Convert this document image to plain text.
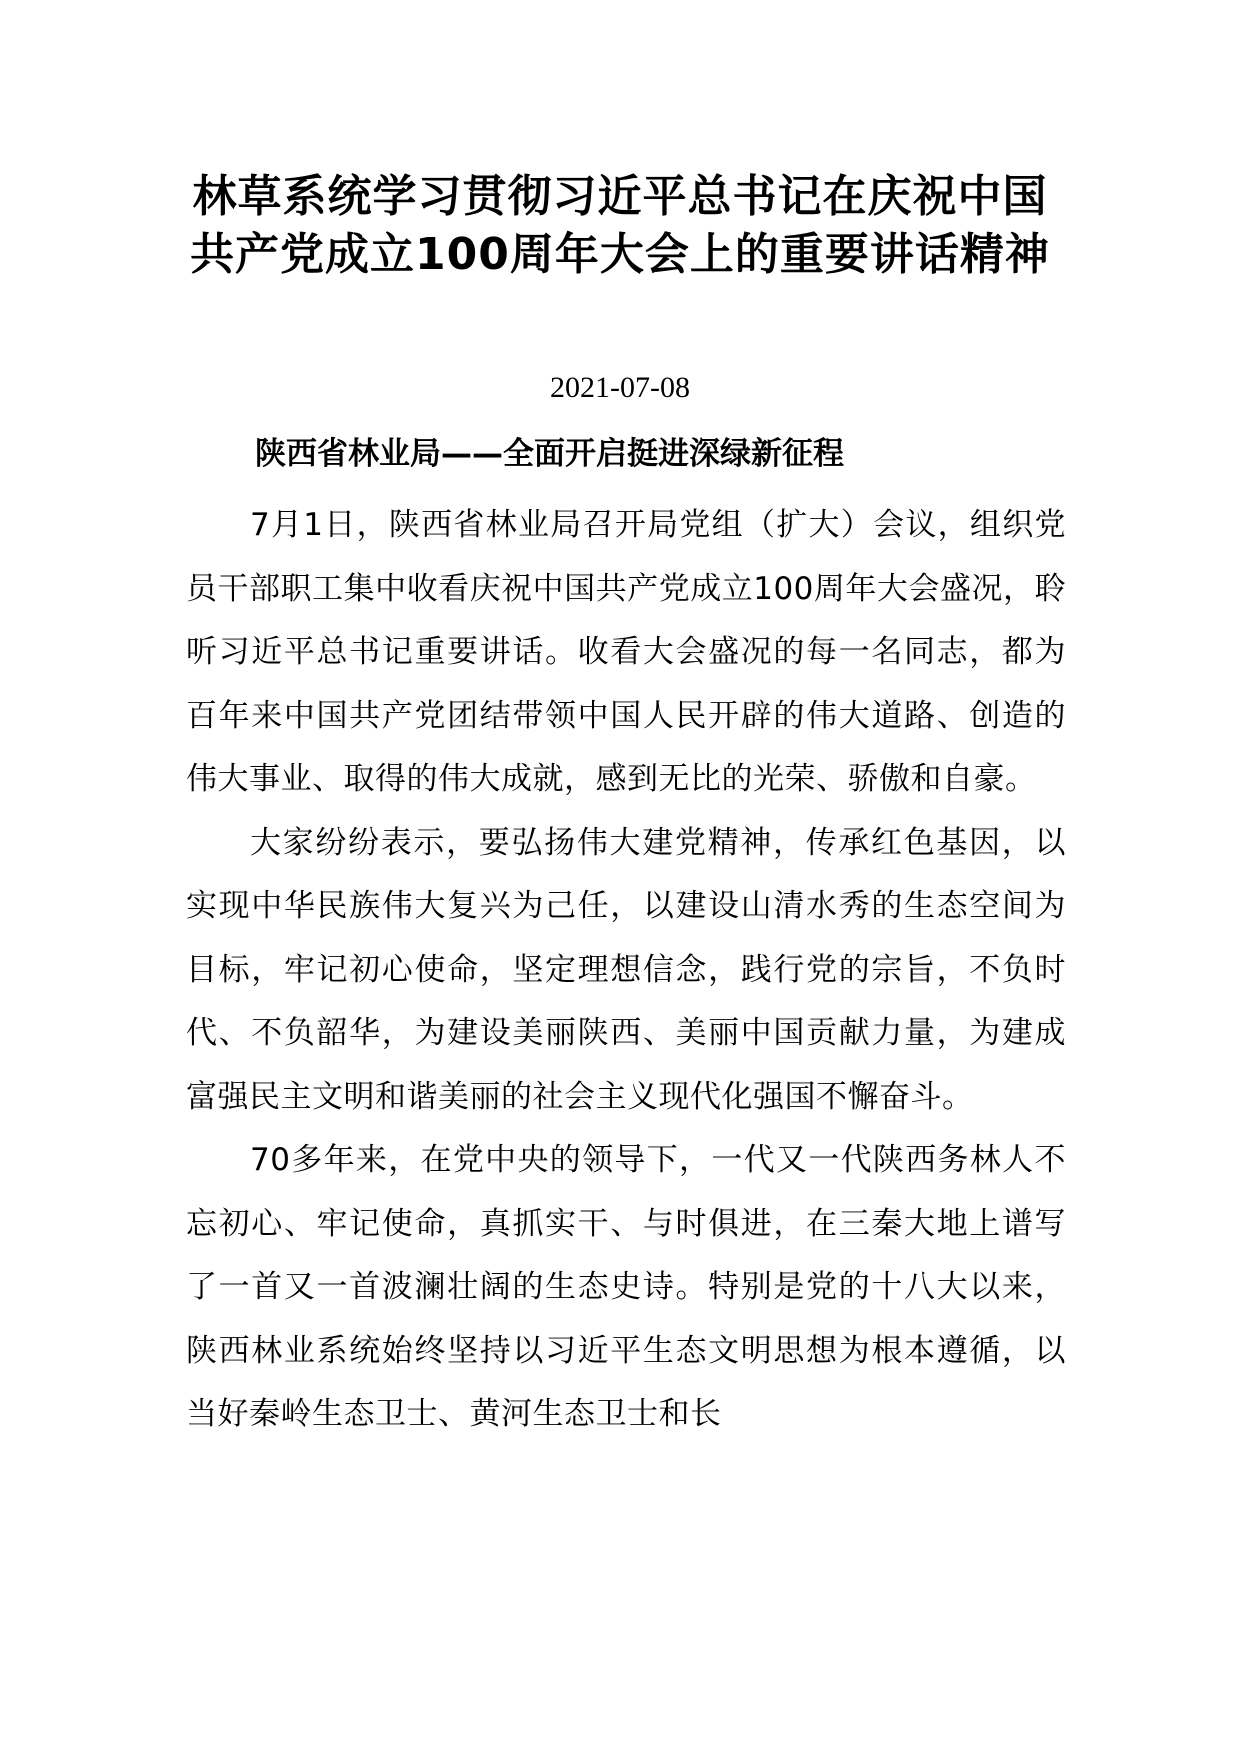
林草系统学习贯彻习近平总书记在庆祝中国共产党成立100周年大会上的重要讲话精神
2021-07-08
陕西省林业局——全面开启挺进深绿新征程

7月1日，陕西省林业局召开局党组（扩大）会议，组织党员干部职工集中收看庆祝中国共产党成立100周年大会盛况，聆听习近平总书记重要讲话。收看大会盛况的每一名同志，都为百年来中国共产党团结带领中国人民开辟的伟大道路、创造的伟大事业、取得的伟大成就，感到无比的光荣、骄傲和自豪。

大家纷纷表示，要弘扬伟大建党精神，传承红色基因，以实现中华民族伟大复兴为己任，以建设山清水秀的生态空间为目标，牢记初心使命，坚定理想信念，践行党的宗旨，不负时代、不负韶华，为建设美丽陕西、美丽中国贡献力量，为建成富强民主文明和谐美丽的社会主义现代化强国不懈奋斗。

70多年来，在党中央的领导下，一代又一代陕西务林人不忘初心、牢记使命，真抓实干、与时俱进，在三秦大地上谱写了一首又一首波澜壮阔的生态史诗。特别是党的十八大以来，陕西林业系统始终坚持以习近平生态文明思想为根本遵循，以当好秦岭生态卫士、黄河生态卫士和长
